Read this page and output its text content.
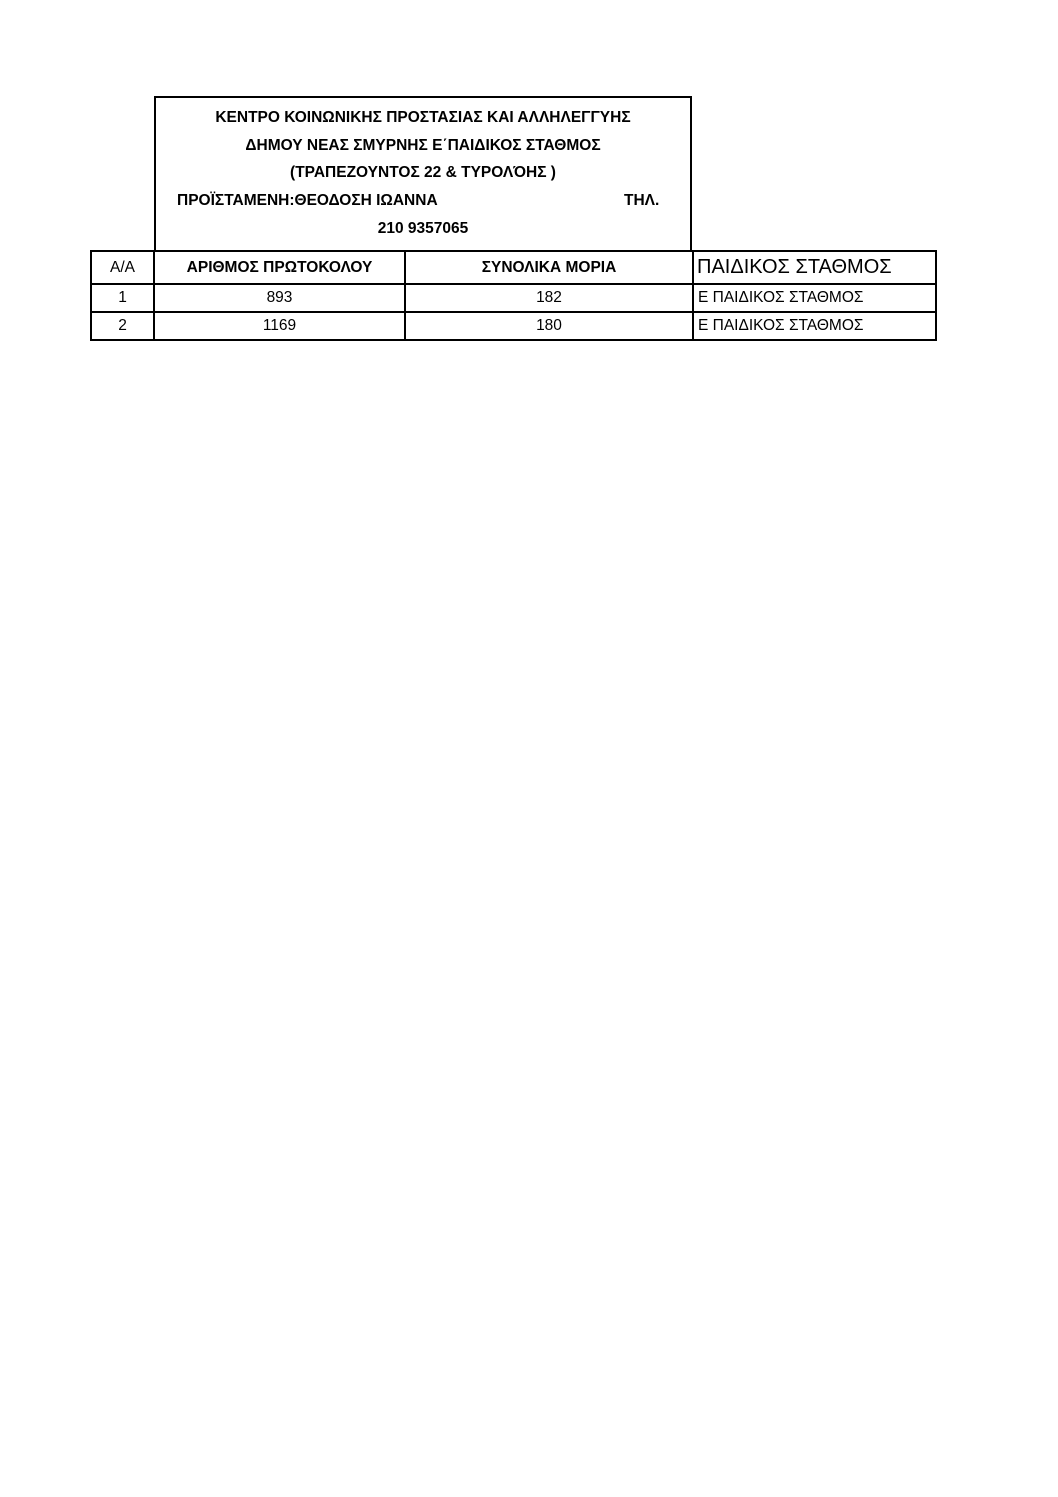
ΚΕΝΤΡΟ ΚΟΙΝΩΝΙΚΗΣ ΠΡΟΣΤΑΣΙΑΣ ΚΑΙ ΑΛΛΗΛΕΓΓΥΗΣ
ΔΗΜΟΥ ΝΕΑΣ ΣΜΥΡΝΗΣ Ε΄ΠΑΙΔΙΚΟΣ ΣΤΑΘΜΟΣ
(ΤΡΑΠΕΖΟΥΝΤΟΣ 22 & ΤΥΡΟΛΌΗΣ )
ΠΡΟΪΣΤΑΜΕΝΗ:ΘΕΟΔΟΣΗ ΙΩΑΝΝΑ	ΤΗΛ.
210 9357065
Α/Α	ΑΡΙΘΜΟΣ ΠΡΩΤΟΚΟΛΟΥ	ΣΥΝΟΛΙΚΑ ΜΟΡΙΑ	ΠΑΙΔΙΚΟΣ ΣΤΑΘΜΟΣ
1	893	182	Ε ΠΑΙΔΙΚΟΣ ΣΤΑΘΜΟΣ
2	1169	180	Ε ΠΑΙΔΙΚΟΣ ΣΤΑΘΜΟΣ
